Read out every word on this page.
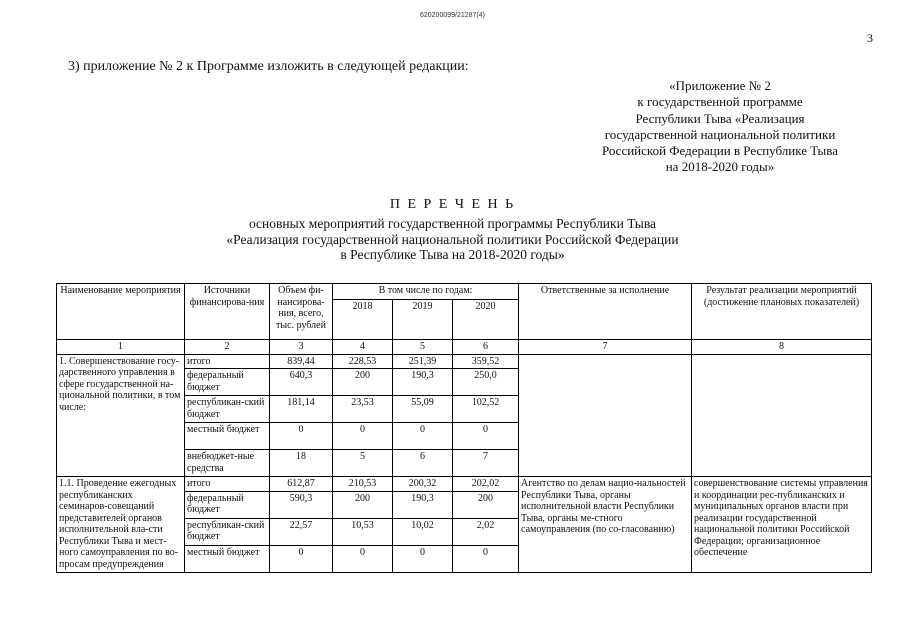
620200099/21287(4)
3
3) приложение № 2 к Программе изложить в следующей редакции:
«Приложение № 2
к государственной программе
Республики Тыва «Реализация
государственной национальной политики
Российской Федерации в Республике Тыва
на 2018-2020 годы»
П Е Р Е Ч Е Н Ь
основных мероприятий государственной программы Республики Тыва
«Реализация государственной национальной политики Российской Федерации
в Республике Тыва на 2018-2020 годы»
Наименование мероприятия	Источники финансирова-ния	Объем фи-нансирова-ния, всего, тыс. рублей	В том числе по годам:			Ответственные за исполнение	Результат реализации мероприятий (достижение плановых показателей)
			2018	2019	2020		
1	2	3	4	5	6	7	8
1. Совершенствование госу-дарственного управления в сфере государственной на-циональной политики, в том числе:	итого	839,44	228,53	251,39	359,52		
	федеральный бюджет	640,3	200	190,3	250,0		
	республикан-ский бюджет	181,14	23,53	55,09	102,52		
	местный бюджет	0	0	0	0		
	внебюджет-ные средства	18	5	6	7		
1.1. Проведение ежегодных республиканских семинаров-совещаний представителей органов исполнительной вла-сти Республики Тыва и мест-ного самоуправления по во-просам предупреждения	итого	612,87	210,53	200,32	202,02	Агентство по делам нацио-нальностей Республики Тыва, органы исполнительной власти Республики Тыва, органы ме-стного самоуправления (по со-гласованию)	совершенствование системы управления и координации рес-публиканских и муниципальных органов власти при реализации государственной национальной политики Российской Федерации; организационное обеспечение
	федеральный бюджет	590,3	200	190,3	200		
	республикан-ский бюджет	22,57	10,53	10,02	2,02		
	местный бюджет	0	0	0	0		
